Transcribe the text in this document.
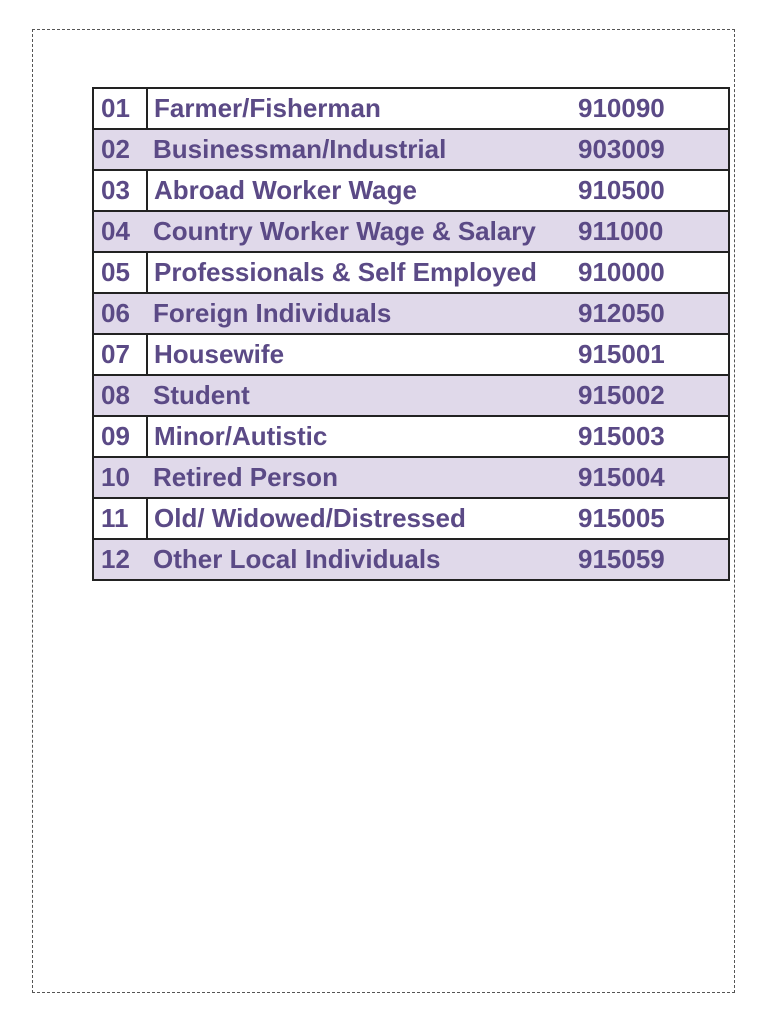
01	Farmer/Fisherman	910090
02	Businessman/Industrial	903009
03	Abroad Worker Wage	910500
04	Country Worker Wage & Salary	911000
05	Professionals & Self Employed	910000
06	Foreign Individuals	912050
07	Housewife	915001
08	Student	915002
09	Minor/Autistic	915003
10	Retired Person	915004
11	Old/ Widowed/Distressed	915005
12	Other Local Individuals	915059
